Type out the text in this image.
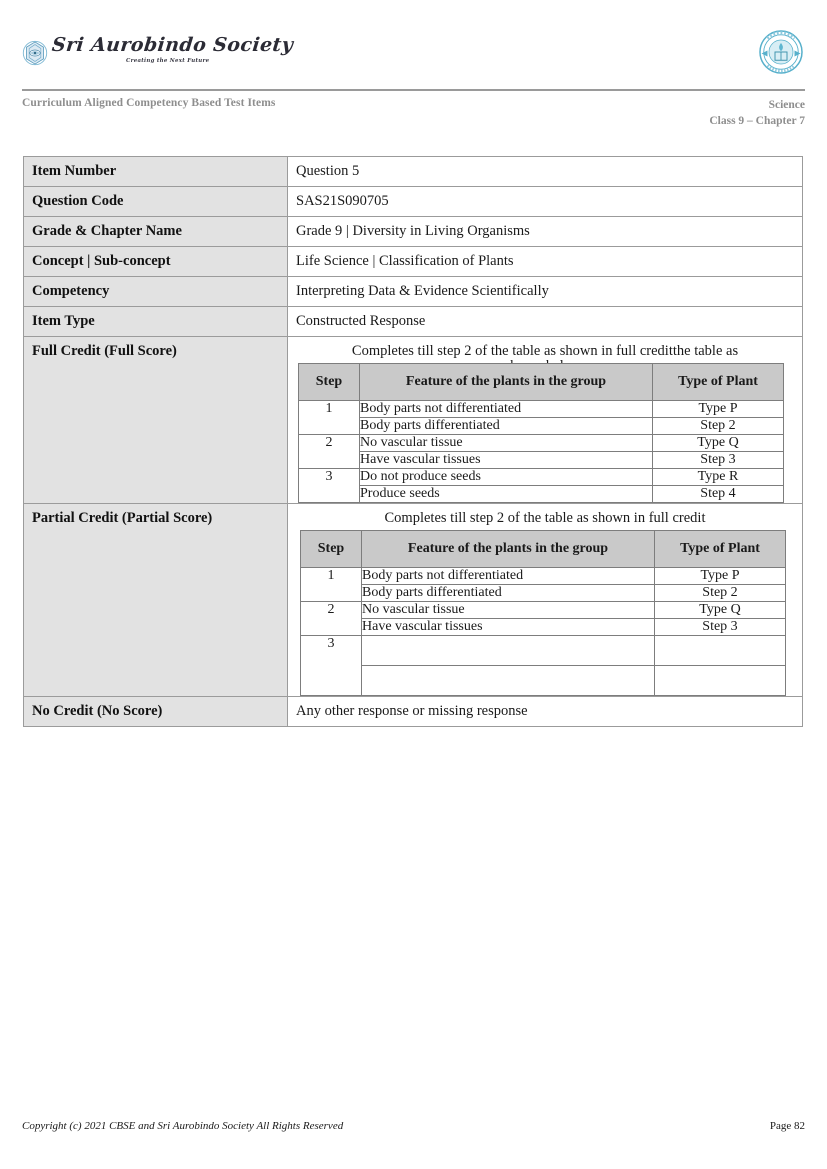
Sri Aurobindo Society
Creating the Next Future
Curriculum Aligned Competency Based Test Items	Science
Class 9 – Chapter 7
Item Number	Question 5
Question Code	SAS21S090705
Grade & Chapter Name	Grade 9 | Diversity in Living Organisms
Concept | Sub-concept	Life Science | Classification of Plants
Competency	Interpreting Data & Evidence Scientifically
Item Type	Constructed Response
Full Credit (Full Score)	Completes till step 2 of the table as shown in full creditthe table as
Step	Feature of the plants in the group	Type of Plant
1	Body parts not differentiated	Type P
Body parts differentiated	Step 2
2	No vascular tissue	Type Q
Have vascular tissues	Step 3
3	Do not produce seeds	Type R
Produce seeds	Step 4

Partial Credit (Partial Score)	Completes till step 2 of the table as shown in full credit
Step	Feature of the plants in the group	Type of Plant
1	Body parts not differentiated	Type P
Body parts differentiated	Step 2
2	No vascular tissue	Type Q
Have vascular tissues	Step 3
3		

No Credit (No Score)	Any other response or missing response
Copyright (c) 2021 CBSE and Sri Aurobindo Society All Rights Reserved	Page 82
